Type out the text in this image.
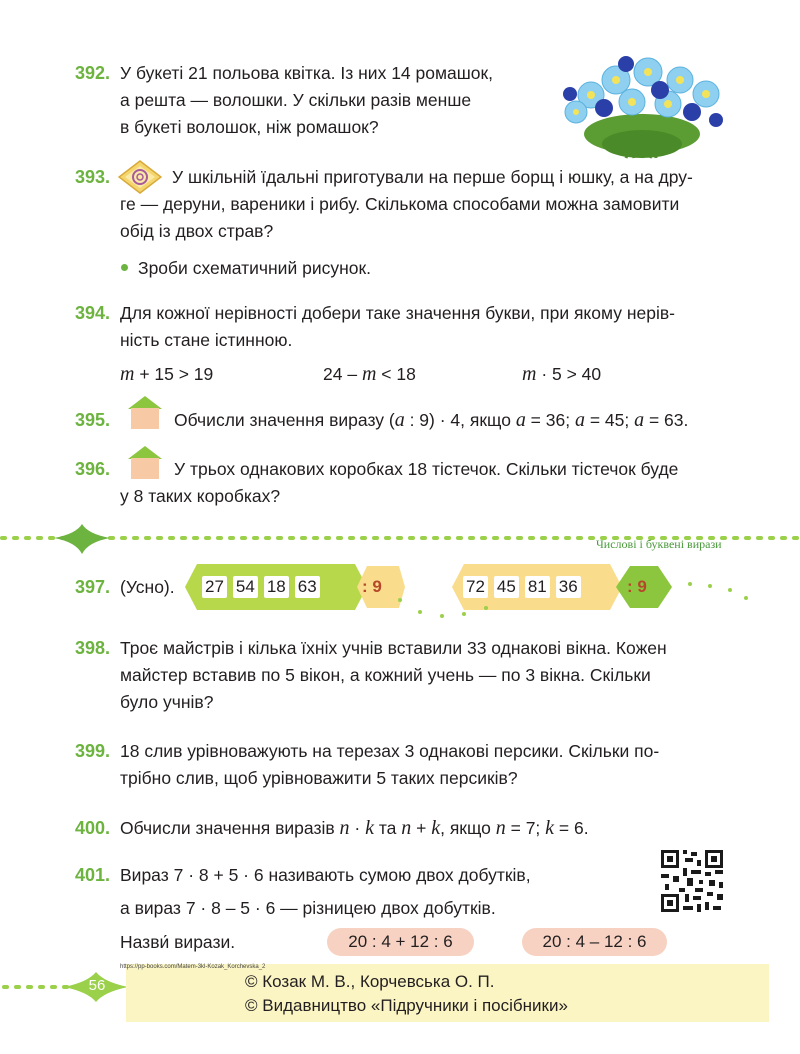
392. У букеті 21 польова квітка. Із них 14 ромашок,
а решта — волошки. У скільки разів менше
в букеті волошок, ніж ромашок?
393.	У шкільній їдальні приготували на перше борщ і юшку, а на дру-
ге — деруни, вареники і рибу. Скількома способами можна замовити
обід із двох страв?
Зроби схематичний рисунок.
394. Для кожної нерівності добери таке значення букви, при якому нерів-
ність стане істинною.
m + 15 > 19	24 – m < 18	m · 5 > 40
395.	Обчисли значення виразу (a : 9) · 4, якщо a = 36; a = 45; a = 63.
396.	У трьох однакових коробках 18 тістечок. Скільки тістечок буде
у 8 таких коробках?
Числові і буквені вирази
397. (Усно). 27 54 18 63	: 9	72 45 81 36	: 9
398. Троє майстрів і кілька їхніх учнів вставили 33 однакові вікна. Кожен
майстер вставив по 5 вікон, а кожний учень — по 3 вікна. Скільки
було учнів?
399. 18 слив урівноважують на терезах 3 однакові персики. Скільки по-
трібно слив, щоб урівноважити 5 таких персиків?
400. Обчисли значення виразів n · k та n + k, якщо n = 7; k = 6.
401. Вираз 7 · 8 + 5 · 6 називають сумою двох добутків,
а вираз 7 · 8 – 5 · 6 — різницею двох добутків.
Назви́ вирази.	20 : 4 + 12 : 6	20 : 4 – 12 : 6
56
https://pp-books.com/Matem-3kl-Kozak_Korchevska_2
© Козак М. В., Корчевська О. П.
© Видавництво «Підручники і посібники»
